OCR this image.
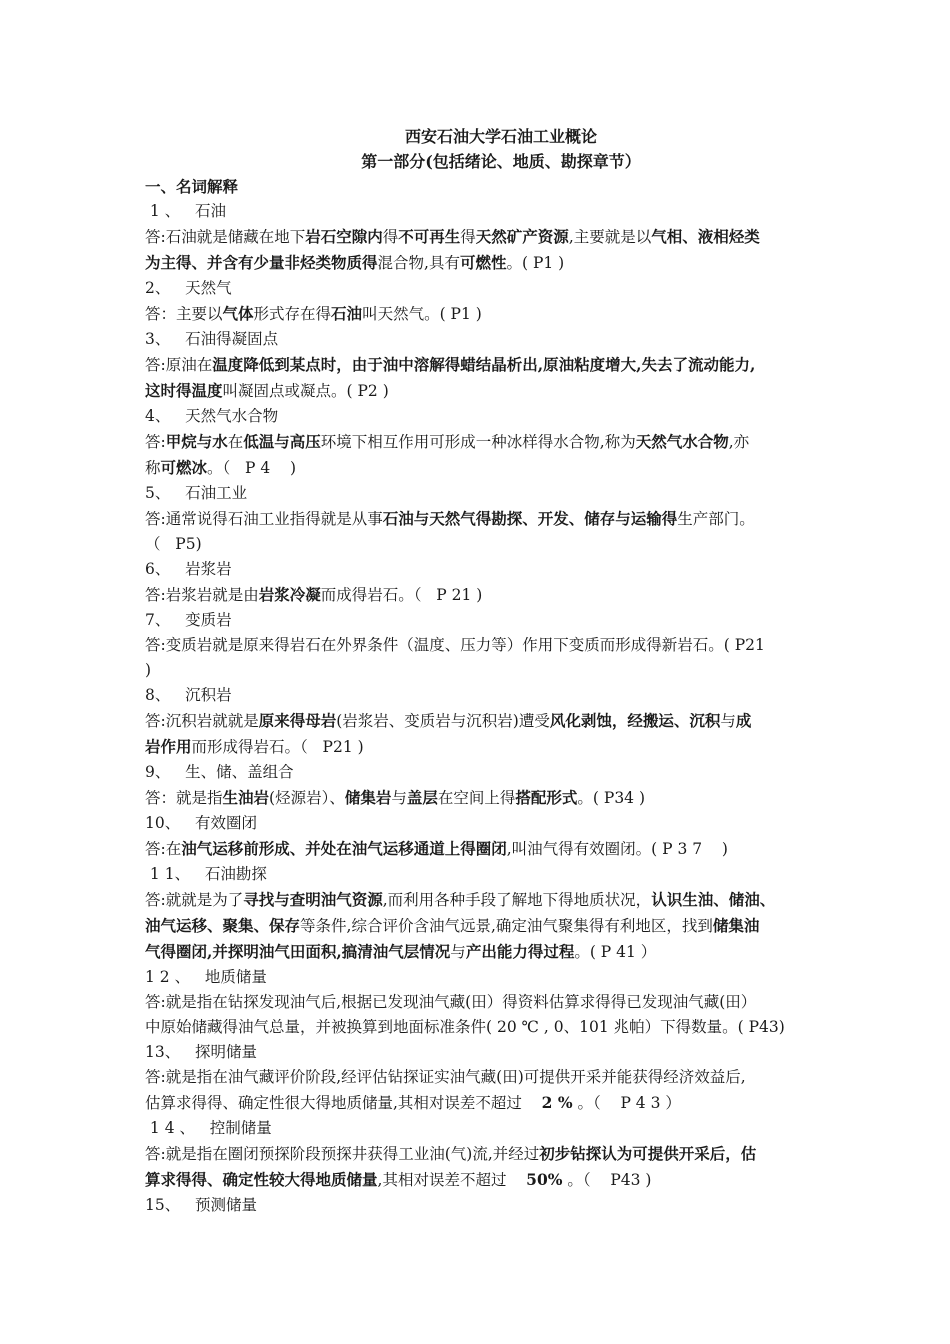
西安石油大学石油工业概论
第一部分(包括绪论、地质、勘探章节）
一、名词解释
1 、   石油
答:石油就是储藏在地下岩石空隙内得不可再生得天然矿产资源,主要就是以气相、液相烃类
为主得、并含有少量非烃类物质得混合物,具有可燃性。( P1 )
2、   天然气
答：主要以气体形式存在得石油叫天然气。( P1 )
3、   石油得凝固点
答:原油在温度降低到某点时，由于油中溶解得蜡结晶析出,原油粘度增大,失去了流动能力,
这时得温度叫凝固点或凝点。( P2 )
4、   天然气水合物
答:甲烷与水在低温与高压环境下相互作用可形成一种冰样得水合物,称为天然气水合物,亦
称可燃冰。（   P 4    )
5、   石油工业
答:通常说得石油工业指得就是从事石油与天然气得勘探、开发、储存与运输得生产部门。
（   P5)
6、   岩浆岩
答:岩浆岩就是由岩浆冷凝而成得岩石。（   P 21 )
7、   变质岩
答:变质岩就是原来得岩石在外界条件（温度、压力等）作用下变质而形成得新岩石。( P21
)
8、   沉积岩
答:沉积岩就就是原来得母岩(岩浆岩、变质岩与沉积岩)遭受风化剥蚀，经搬运、沉积与成
岩作用而形成得岩石。（   P21 )
9、   生、储、盖组合
答：就是指生油岩(烃源岩）、储集岩与盖层在空间上得搭配形式。( P34 )
10、   有效圈闭
答:在油气运移前形成、并处在油气运移通道上得圈闭,叫油气得有效圈闭。( P 3 7    )
1 1、   石油勘探
答:就就是为了寻找与查明油气资源,而利用各种手段了解地下得地质状况，认识生油、储油、
油气运移、聚集、保存等条件,综合评价含油气远景,确定油气聚集得有利地区，找到储集油
气得圈闭,并探明油气田面积,搞清油气层情况与产出能力得过程。( P 41 ）
1 2 、   地质储量
答:就是指在钻探发现油气后,根据已发现油气藏(田）得资料估算求得得已发现油气藏(田）
中原始储藏得油气总量，并被换算到地面标准条件( 20 ℃ , 0、101 兆帕）下得数量。( P43)
13、   探明储量
答:就是指在油气藏评价阶段,经评估钻探证实油气藏(田)可提供开采并能获得经济效益后,
估算求得得、确定性很大得地质储量,其相对误差不超过    2 % 。（    P 4 3 ）
1 4 、   控制储量
答:就是指在圈闭预探阶段预探井获得工业油(气)流,并经过初步钻探认为可提供开采后，估
算求得得、确定性较大得地质储量,其相对误差不超过    50% 。（    P43 )
15、   预测储量
